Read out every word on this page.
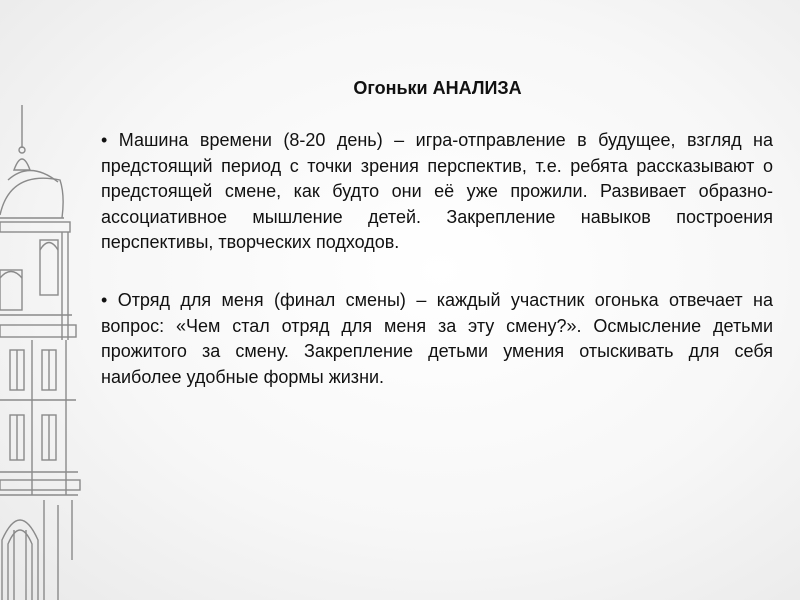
Огоньки АНАЛИЗА
• Машина времени (8-20 день) – игра-отправление в будущее, взгляд на предстоящий период с точки зрения перспектив, т.е. ребята рассказывают о предстоящей смене, как будто они её уже прожили. Развивает образно-ассоциативное мышление детей. Закрепление навыков построения перспективы, творческих подходов.
• Отряд для меня (финал смены) – каждый участник огонька отвечает на вопрос: «Чем стал отряд для меня за эту смену?». Осмысление детьми прожитого за смену. Закрепление детьми умения отыскивать для себя наиболее удобные формы жизни.
